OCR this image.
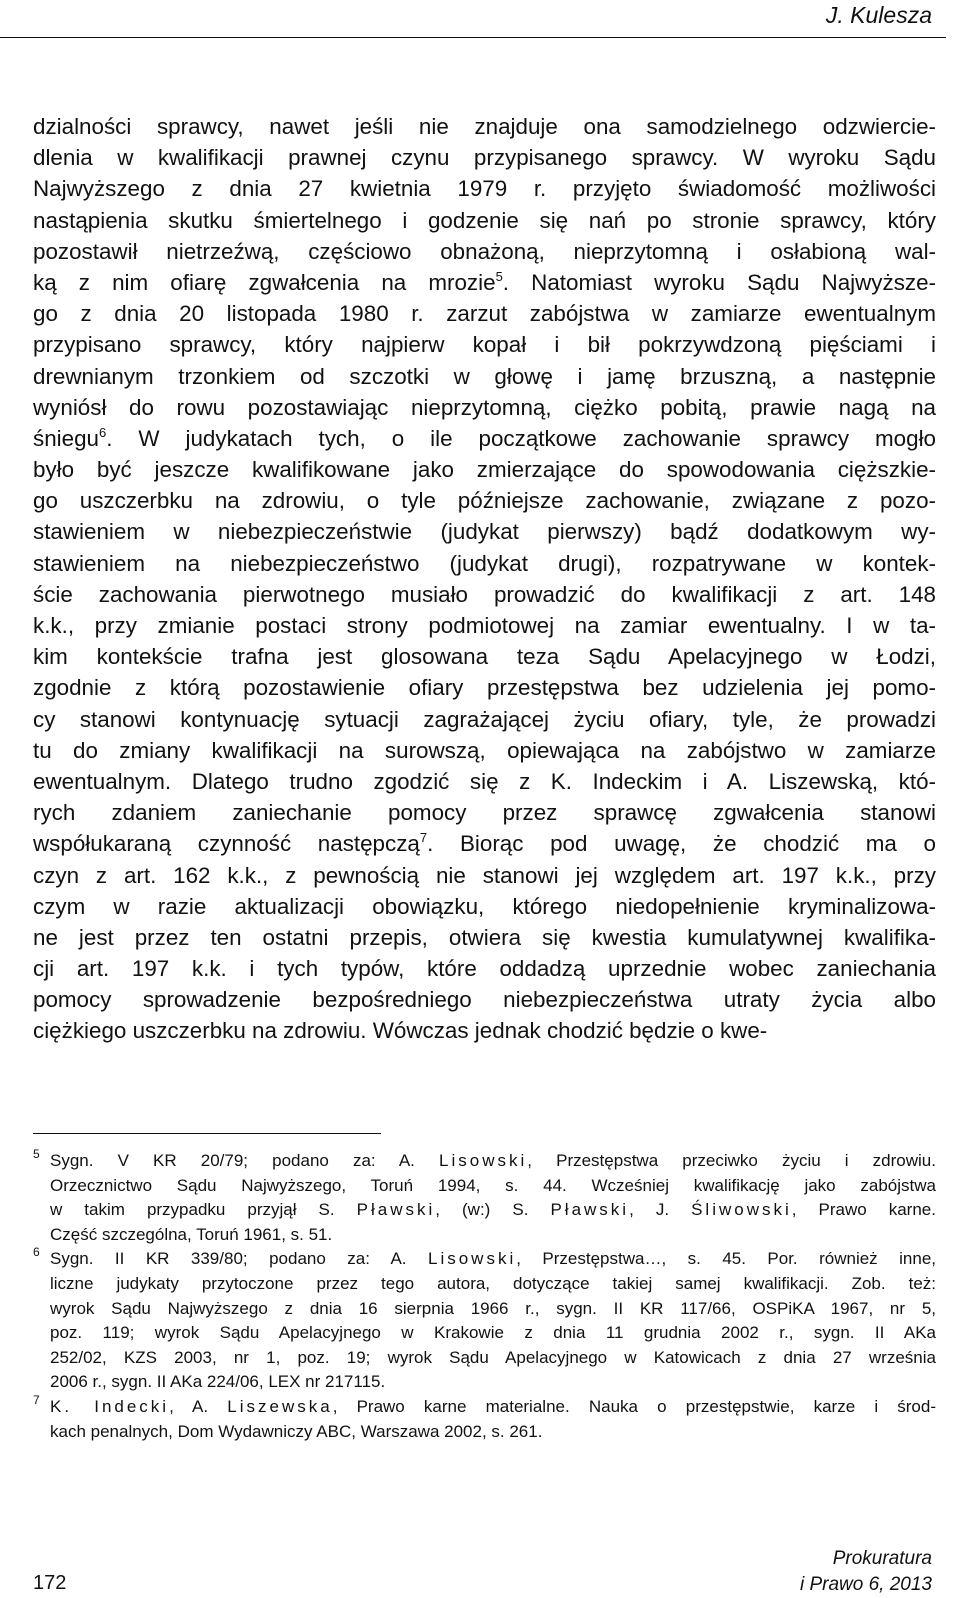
J. Kulesza
dzialności sprawcy, nawet jeśli nie znajduje ona samodzielnego odzwiercie-
dlenia w kwalifikacji prawnej czynu przypisanego sprawcy. W wyroku Sądu
Najwyższego z dnia 27 kwietnia 1979 r. przyjęto świadomość możliwości
nastąpienia skutku śmiertelnego i godzenie się nań po stronie sprawcy, który
pozostawił nietrzeźwą, częściowo obnażoną, nieprzytomną i osłabioną wal-
ką z nim ofiarę zgwałcenia na mrozie$^5$. Natomiast wyroku Sądu Najwyższe-
go z dnia 20 listopada 1980 r. zarzut zabójstwa w zamiarze ewentualnym
przypisano sprawcy, który najpierw kopał i bił pokrzywdzoną pięściami i
drewnianym trzonkiem od szczotki w głowę i jamę brzuszną, a następnie
wyniósł do rowu pozostawiając nieprzytomną, ciężko pobitą, prawie nagą na
śniegu$^6$. W judykatach tych, o ile początkowe zachowanie sprawcy mogło
było być jeszcze kwalifikowane jako zmierzające do spowodowania cięższkie-
go uszczerbku na zdrowiu, o tyle późniejsze zachowanie, związane z pozo-
stawieniem w niebezpieczeństwie (judykat pierwszy) bądź dodatkowym wy-
stawieniem na niebezpieczeństwo (judykat drugi), rozpatrywane w kontek-
ście zachowania pierwotnego musiało prowadzić do kwalifikacji z art. 148
k.k., przy zmianie postaci strony podmiotowej na zamiar ewentualny. I w ta-
kim kontekście trafna jest glosowana teza Sądu Apelacyjnego w Łodzi,
zgodnie z którą pozostawienie ofiary przestępstwa bez udzielenia jej pomo-
cy stanowi kontynuację sytuacji zagrażającej życiu ofiary, tyle, że prowadzi
tu do zmiany kwalifikacji na surowszą, opiewająca na zabójstwo w zamiarze
ewentualnym. Dlatego trudno zgodzić się z K. Indeckim i A. Liszewską, któ-
rych zdaniem zaniechanie pomocy przez sprawcę zgwałcenia stanowi
współukaraną czynność następczą$^7$. Biorąc pod uwagę, że chodzić ma o
czyn z art. 162 k.k., z pewnością nie stanowi jej względem art. 197 k.k., przy
czym w razie aktualizacji obowiązku, którego niedopełnienie kryminalizowa-
ne jest przez ten ostatni przepis, otwiera się kwestia kumulatywnej kwalifika-
cji art. 197 k.k. i tych typów, które oddadzą uprzednie wobec zaniechania
pomocy sprowadzenie bezpośredniego niebezpieczeństwa utraty życia albo
ciężkiego uszczerbku na zdrowiu. Wówczas jednak chodzić będzie o kwe-
5 Sygn. V KR 20/79; podano za: A. Lisowski, Przestępstwa przeciwko życiu i zdrowiu.
Orzecznictwo Sądu Najwyższego, Toruń 1994, s. 44. Wcześniej kwalifikację jako zabójstwa
w takim przypadku przyjął S. Pławski, (w:) S. Pławski, J. Śliwowski, Prawo karne.
Część szczególna, Toruń 1961, s. 51.
6 Sygn. II KR 339/80; podano za: A. Lisowski, Przestępstwa…, s. 45. Por. również inne,
liczne judykaty przytoczone przez tego autora, dotyczące takiej samej kwalifikacji. Zob. też:
wyrok Sądu Najwyższego z dnia 16 sierpnia 1966 r., sygn. II KR 117/66, OSPiKA 1967, nr 5,
poz. 119; wyrok Sądu Apelacyjnego w Krakowie z dnia 11 grudnia 2002 r., sygn. II AKa
252/02, KZS 2003, nr 1, poz. 19; wyrok Sądu Apelacyjnego w Katowicach z dnia 27 września
2006 r., sygn. II AKa 224/06, LEX nr 217115.
7 K. Indecki, A. Liszewska, Prawo karne materialne. Nauka o przestępstwie, karze i środ-
kach penalnych, Dom Wydawniczy ABC, Warszawa 2002, s. 261.
172
Prokuratura
i Prawo 6, 2013
